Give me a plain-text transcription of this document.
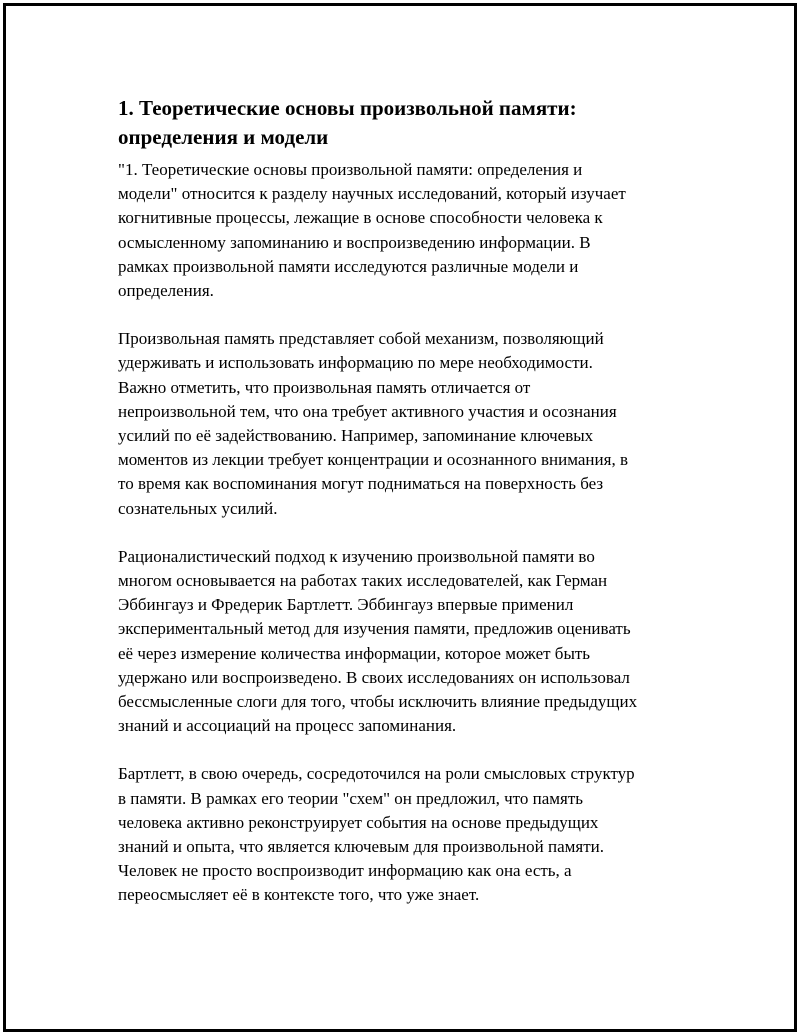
1. Теоретические основы произвольной памяти:
определения и модели

"1. Теоретические основы произвольной памяти: определения и
модели" относится к разделу научных исследований, который изучает
когнитивные процессы, лежащие в основе способности человека к
осмысленному запоминанию и воспроизведению информации. В
рамках произвольной памяти исследуются различные модели и
определения.

Произвольная память представляет собой механизм, позволяющий
удерживать и использовать информацию по мере необходимости.
Важно отметить, что произвольная память отличается от
непроизвольной тем, что она требует активного участия и осознания
усилий по её задействованию. Например, запоминание ключевых
моментов из лекции требует концентрации и осознанного внимания, в
то время как воспоминания могут подниматься на поверхность без
сознательных усилий.

Рационалистический подход к изучению произвольной памяти во
многом основывается на работах таких исследователей, как Герман
Эббингауз и Фредерик Бартлетт. Эббингауз впервые применил
экспериментальный метод для изучения памяти, предложив оценивать
её через измерение количества информации, которое может быть
удержано или воспроизведено. В своих исследованиях он использовал
бессмысленные слоги для того, чтобы исключить влияние предыдущих
знаний и ассоциаций на процесс запоминания.

Бартлетт, в свою очередь, сосредоточился на роли смысловых структур
в памяти. В рамках его теории "схем" он предложил, что память
человека активно реконструирует события на основе предыдущих
знаний и опыта, что является ключевым для произвольной памяти.
Человек не просто воспроизводит информацию как она есть, а
переосмысляет её в контексте того, что уже знает.
